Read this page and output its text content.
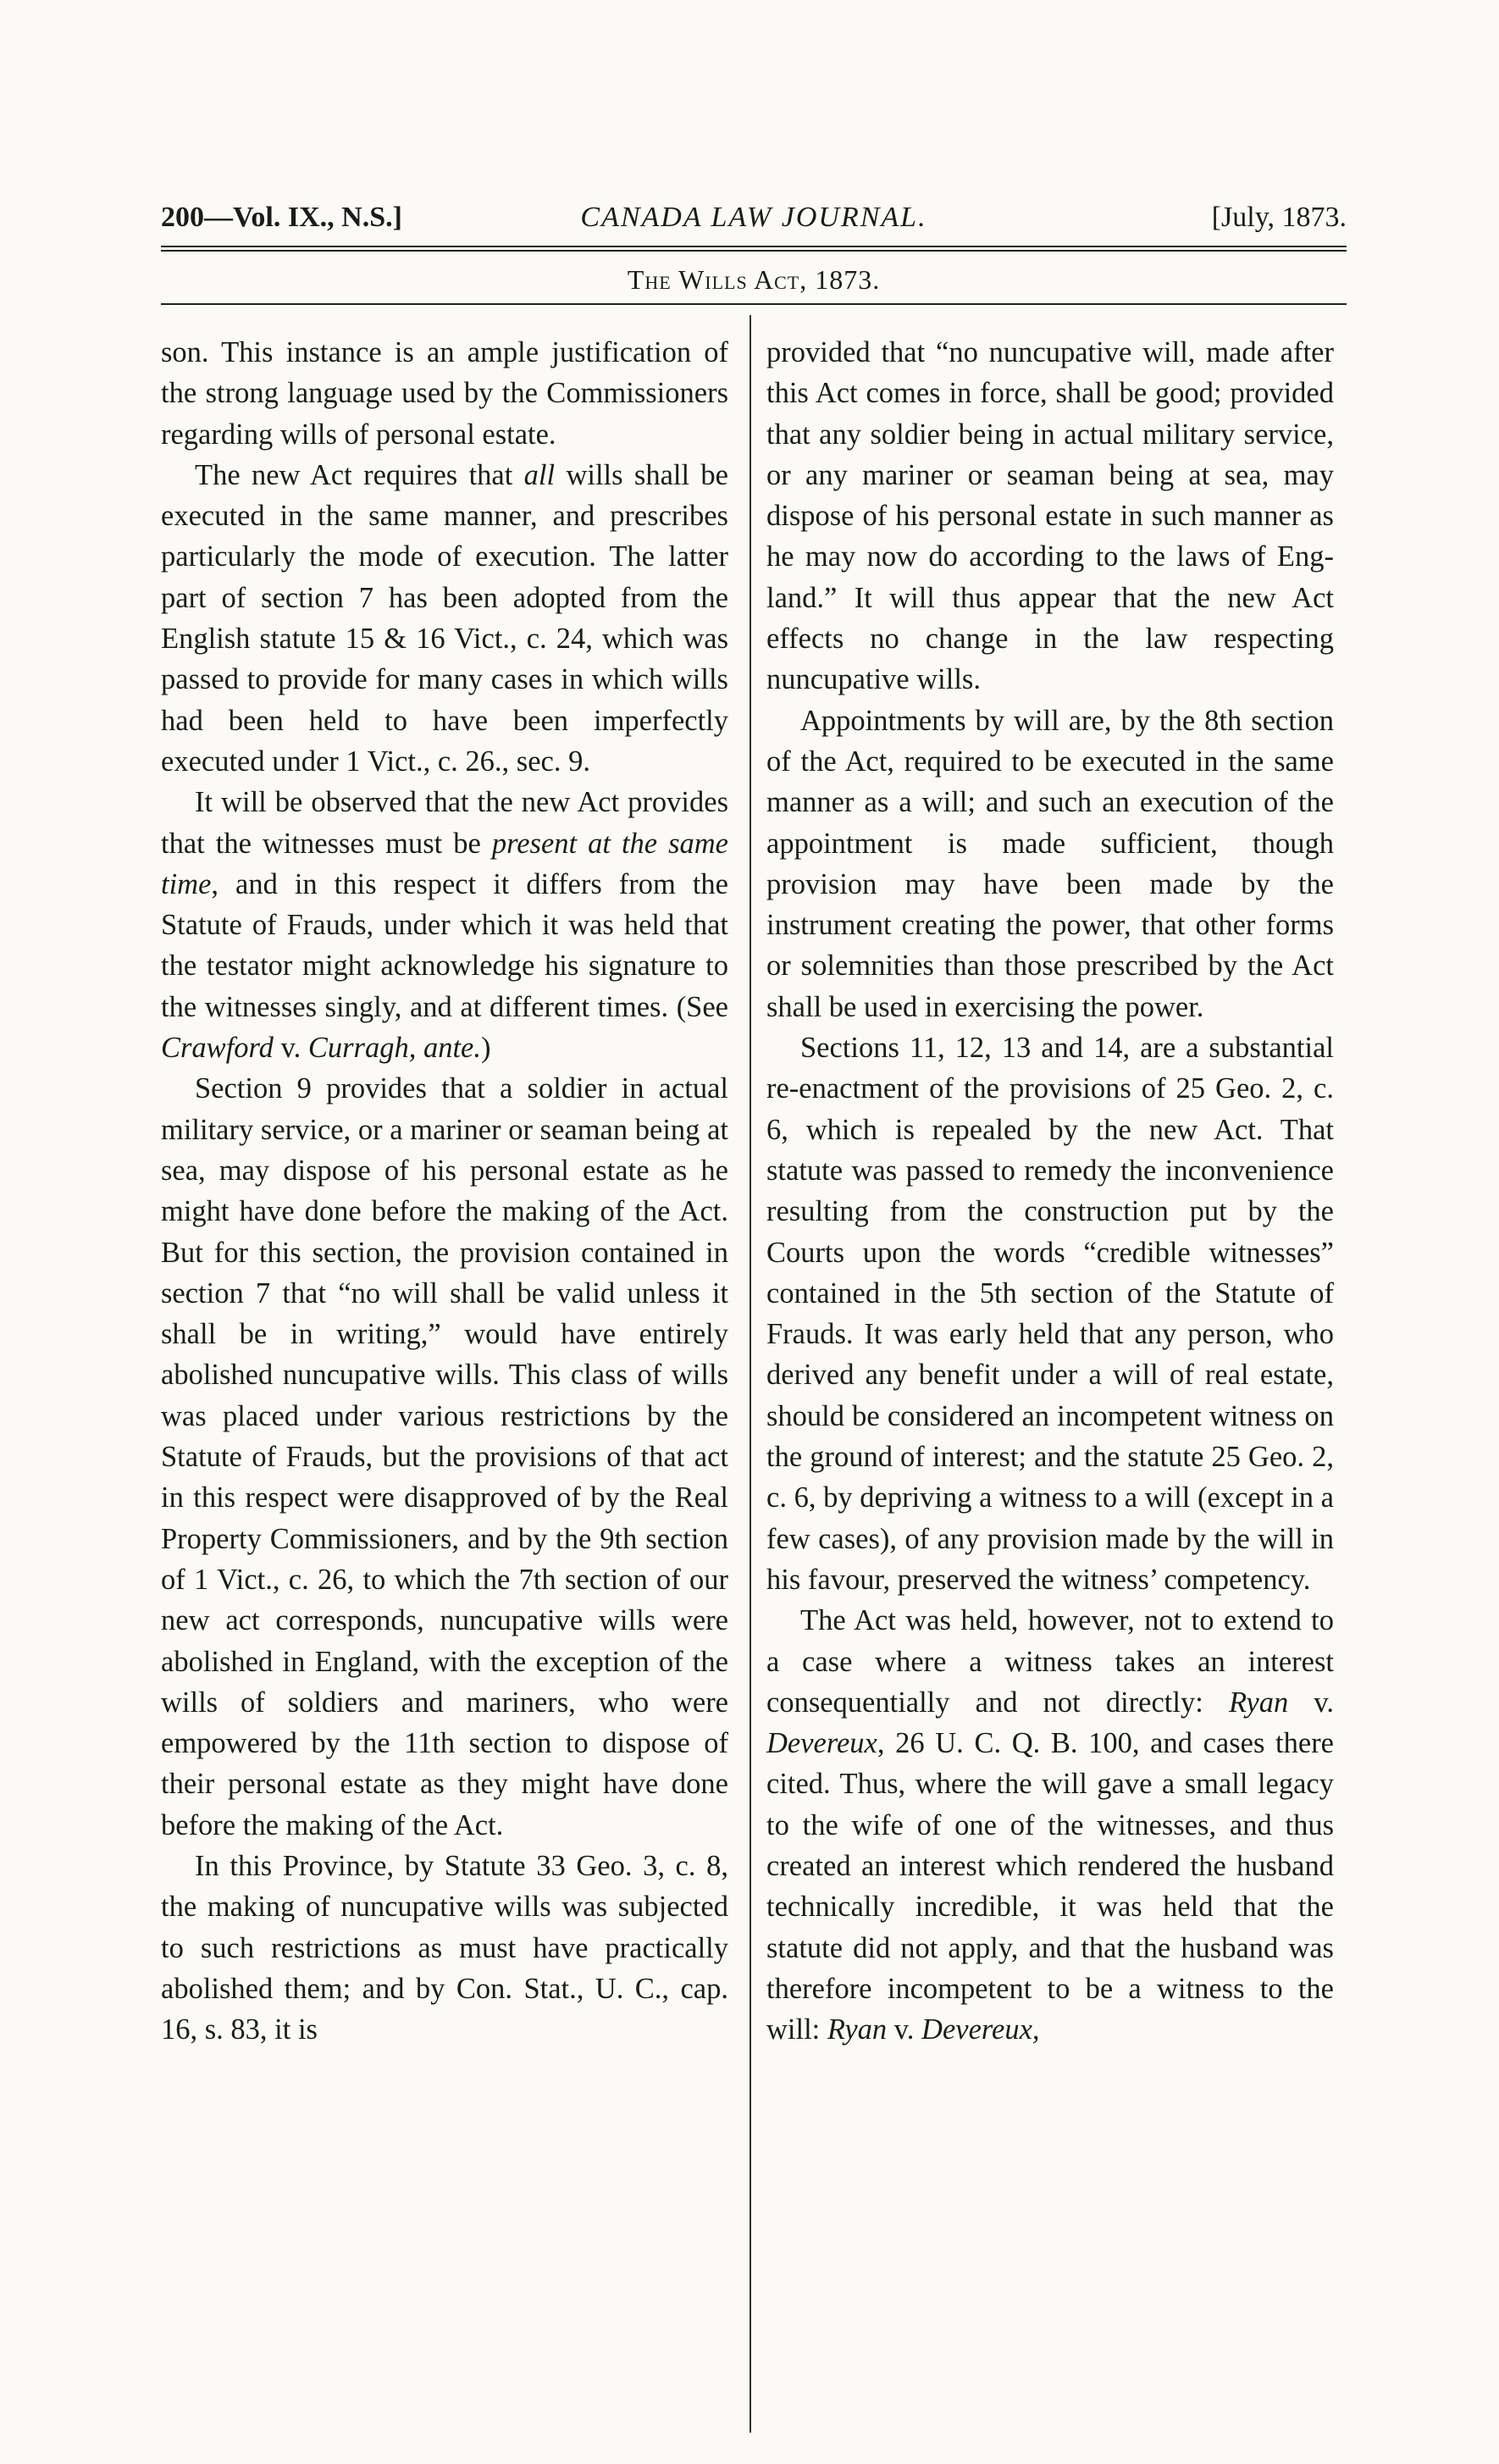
200—Vol. IX., N.S.]	CANADA LAW JOURNAL.	[July, 1873.
The Wills Act, 1873.

son. This instance is an ample justification of the strong language used by the Commissioners regarding wills of personal estate.

The new Act requires that all wills shall be executed in the same manner, and prescribes particularly the mode of execution. The latter part of section 7 has been adopted from the English statute 15 & 16 Vict., c. 24, which was passed to provide for many cases in which wills had been held to have been imperfectly executed under 1 Vict., c. 26., sec. 9.

It will be observed that the new Act provides that the witnesses must be present at the same time, and in this respect it differs from the Statute of Frauds, under which it was held that the testator might acknowledge his signature to the witnesses singly, and at different times. (See Crawford v. Curragh, ante.)

Section 9 provides that a soldier in actual military service, or a mariner or seaman being at sea, may dispose of his personal estate as he might have done before the making of the Act. But for this section, the provision contained in section 7 that “no will shall be valid unless it shall be in writing,” would have entirely abolished nuncupative wills. This class of wills was placed under various restrictions by the Statute of Frauds, but the provisions of that act in this respect were disapproved of by the Real Property Commissioners, and by the 9th section of 1 Vict., c. 26, to which the 7th section of our new act corresponds, nuncupative wills were abolished in England, with the exception of the wills of soldiers and mariners, who were empowered by the 11th section to dispose of their personal estate as they might have done before the making of the Act.

In this Province, by Statute 33 Geo. 3, c. 8, the making of nuncupative wills was subjected to such restrictions as must have practically abolished them; and by Con. Stat., U. C., cap. 16, s. 83, it is

provided that “no nuncupative will, made after this Act comes in force, shall be good; provided that any soldier being in actual military service, or any mariner or seaman being at sea, may dispose of his personal estate in such manner as he may now do according to the laws of England.” It will thus appear that the new Act effects no change in the law respecting nuncupative wills.

Appointments by will are, by the 8th section of the Act, required to be executed in the same manner as a will; and such an execution of the appointment is made sufficient, though provision may have been made by the instrument creating the power, that other forms or solemnities than those prescribed by the Act shall be used in exercising the power.

Sections 11, 12, 13 and 14, are a substantial re-enactment of the provisions of 25 Geo. 2, c. 6, which is repealed by the new Act. That statute was passed to remedy the inconvenience resulting from the construction put by the Courts upon the words “credible witnesses” contained in the 5th section of the Statute of Frauds. It was early held that any person, who derived any benefit under a will of real estate, should be considered an incompetent witness on the ground of interest; and the statute 25 Geo. 2, c. 6, by depriving a witness to a will (except in a few cases), of any provision made by the will in his favour, preserved the witness’ competency.

The Act was held, however, not to extend to a case where a witness takes an interest consequentially and not directly: Ryan v. Devereux, 26 U. C. Q. B. 100, and cases there cited. Thus, where the will gave a small legacy to the wife of one of the witnesses, and thus created an interest which rendered the husband technically incredible, it was held that the statute did not apply, and that the husband was therefore incompetent to be a witness to the will: Ryan v. Devereux,
